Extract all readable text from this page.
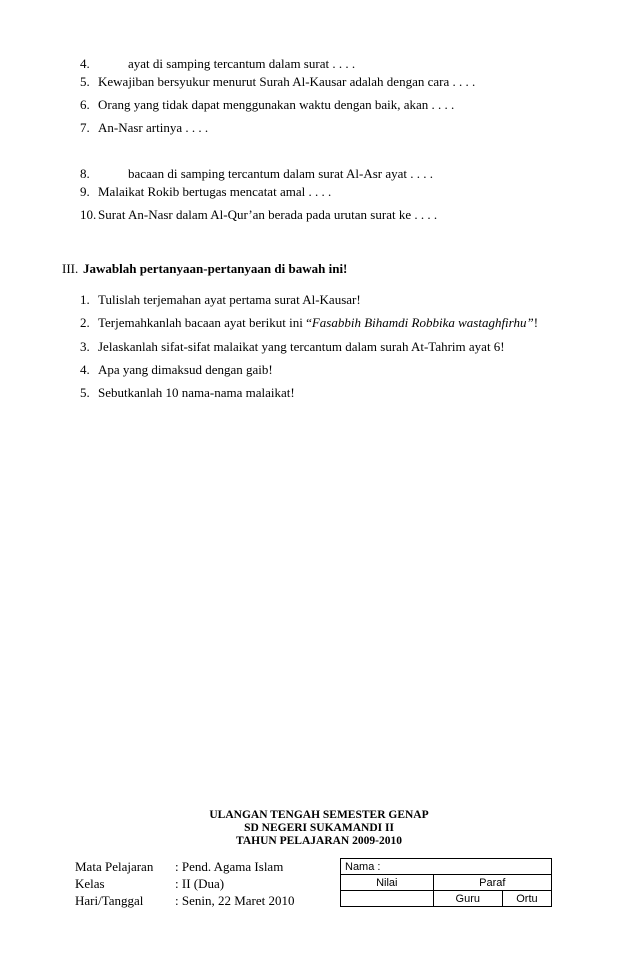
4.	ayat di samping tercantum dalam surat . . . .
5. Kewajiban bersyukur menurut Surah Al-Kausar adalah dengan cara . . . .
6. Orang yang tidak dapat menggunakan waktu dengan baik, akan . . . .
7. An-Nasr artinya . . . .
8.	bacaan di samping tercantum dalam surat Al-Asr ayat . . . .
9. Malaikat Rokib bertugas mencatat amal . . . .
10. Surat An-Nasr dalam Al-Qur’an berada pada urutan surat ke . . . .
III. Jawablah pertanyaan-pertanyaan di bawah ini!
1. Tulislah terjemahan ayat pertama surat Al-Kausar!
2. Terjemahkanlah bacaan ayat berikut ini “Fasabbih Bihamdi Robbika wastaghfirhu”!
3. Jelaskanlah sifat-sifat malaikat yang tercantum dalam surah At-Tahrim ayat 6!
4. Apa yang dimaksud dengan gaib!
5. Sebutkanlah 10 nama-nama malaikat!
ULANGAN TENGAH SEMESTER GENAP
SD NEGERI SUKAMANDI II
TAHUN PELAJARAN 2009-2010
Mata Pelajaran : Pend. Agama Islam
Kelas	: II (Dua)
Hari/Tanggal : Senin, 22 Maret 2010
Nama :		
Nilai	Paraf	
	Guru	Ortu
